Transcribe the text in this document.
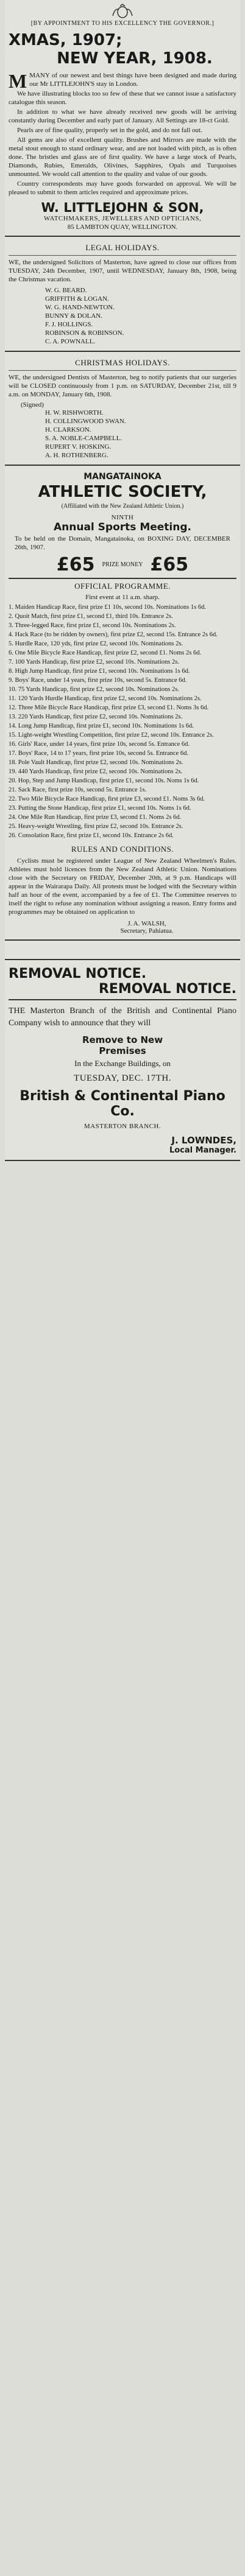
[BY APPOINTMENT TO HIS EXCELLENCY THE GOVERNOR.]
XMAS, 1907;
NEW YEAR, 1908.

MMANY of our newest and best things have been designed and made during our Mr LITTLEJOHN'S stay in London.

We have illustrating blocks too so few of these that we cannot issue a satisfactory catalogue this season.

In addition to what we have already received new goods will be arriving constantly during December and early part of January. All Settings are 18-ct Gold.

Pearls are of fine quality, properly set in the gold, and do not fall out.

All gems are also of excellent quality. Brushes and Mirrors are made with the metal stout enough to stand ordinary wear, and are not loaded with pitch, as is often done. The bristles and glass are of first quality. We have a large stock of Pearls, Diamonds, Rubies, Emeralds, Olivines, Sapphires, Opals and Turquoises unmounted. We would call attention to the quality and value of our goods.

Country correspondents may have goods forwarded on approval. We will be pleased to submit to them articles required and approximate prices.

W. LITTLEJOHN & SON,
WATCHMAKERS, JEWELLERS AND OPTICIANS,
85 LAMBTON QUAY, WELLINGTON.
LEGAL HOLIDAYS.

WE, the undersigned Solicitors of Masterton, have agreed to close our offices from TUESDAY, 24th December, 1907, until WEDNESDAY, January 8th, 1908, being the Christmas vacation.

W. G. BEARD.
GRIFFITH & LOGAN.
W. G. HAND-NEWTON.
BUNNY & DOLAN.
F. J. HOLLINGS.
ROBINSON & ROBINSON.
C. A. POWNALL.
CHRISTMAS HOLIDAYS.

WE, the undersigned Dentists of Masterton, beg to notify patients that our surgeries will be CLOSED continuously from 1 p.m. on SATURDAY, December 21st, till 9 a.m. on MONDAY, January 6th, 1908.

(Signed)
H. W. RISHWORTH.
H. COLLINGWOOD SWAN.
H. CLARKSON.
S. A. NOBLE-CAMPBELL.
RUPERT V. HOSKING.
A. H. ROTHENBERG.
MANGATAINOKA
ATHLETIC SOCIETY,
(Affiliated with the New Zealand Athletic Union.)
NINTH
Annual Sports Meeting.

To be held on the Domain, Mangatainoka, on BOXING DAY, DECEMBER 26th, 1907.

£65 PRIZE MONEY £65
OFFICIAL PROGRAMME.
First event at 11 a.m. sharp.

1. Maiden Handicap Race, first prize £1 10s, second 10s. Nominations 1s 6d.

2. Quoit Match, first prize £1, second £1, third 10s. Entrance 2s.

3. Three-legged Race, first prize £1, second 10s. Nominations 2s.

4. Hack Race (to be ridden by owners), first prize £2, second 15s. Entrance 2s 6d.

5. Hurdle Race, 120 yds, first prize £2, second 10s. Nominations 2s.

6. One Mile Bicycle Race Handicap, first prize £2, second £1. Noms 2s 6d.

7. 100 Yards Handicap, first prize £2, second 10s. Nominations 2s.

8. High Jump Handicap, first prize £1, second 10s. Nominations 1s 6d.

9. Boys' Race, under 14 years, first prize 10s, second 5s. Entrance 6d.

10. 75 Yards Handicap, first prize £2, second 10s. Nominations 2s.

11. 120 Yards Hurdle Handicap, first prize £2, second 10s. Nominations 2s.

12. Three Mile Bicycle Race Handicap, first prize £3, second £1. Noms 3s 6d.

13. 220 Yards Handicap, first prize £2, second 10s. Nominations 2s.

14. Long Jump Handicap, first prize £1, second 10s. Nominations 1s 6d.

15. Light-weight Wrestling Competition, first prize £2, second 10s. Entrance 2s.

16. Girls' Race, under 14 years, first prize 10s, second 5s. Entrance 6d.

17. Boys' Race, 14 to 17 years, first prize 10s, second 5s. Entrance 6d.

18. Pole Vault Handicap, first prize £2, second 10s. Nominations 2s.

19. 440 Yards Handicap, first prize £2, second 10s. Nominations 2s.

20. Hop, Step and Jump Handicap, first prize £1, second 10s. Noms 1s 6d.

21. Sack Race, first prize 10s, second 5s. Entrance 1s.

22. Two Mile Bicycle Race Handicap, first prize £3, second £1. Noms 3s 6d.

23. Putting the Stone Handicap, first prize £1, second 10s. Noms 1s 6d.

24. One Mile Run Handicap, first prize £3, second £1. Noms 2s 6d.

25. Heavy-weight Wrestling, first prize £2, second 10s. Entrance 2s.

26. Consolation Race, first prize £1, second 10s. Entrance 2s 6d.

RULES AND CONDITIONS.

Cyclists must be registered under League of New Zealand Wheelmen's Rules. Athletes must hold licences from the New Zealand Athletic Union. Nominations close with the Secretary on FRIDAY, December 20th, at 9 p.m. Handicaps will appear in the Wairarapa Daily. All protests must be lodged with the Secretary within half an hour of the event, accompanied by a fee of £1. The Committee reserves to itself the right to refuse any nomination without assigning a reason. Entry forms and programmes may be obtained on application to

J. A. WALSH,
Secretary, Pahiatua.
REMOVAL NOTICE.
REMOVAL NOTICE.

THE Masterton Branch of the British and Continental Piano Company wish to announce that they will

Remove to New
Premises
In the Exchange Buildings, on
TUESDAY, DEC. 17TH.
British & Continental Piano Co.
MASTERTON BRANCH.
J. LOWNDES,
Local Manager.
